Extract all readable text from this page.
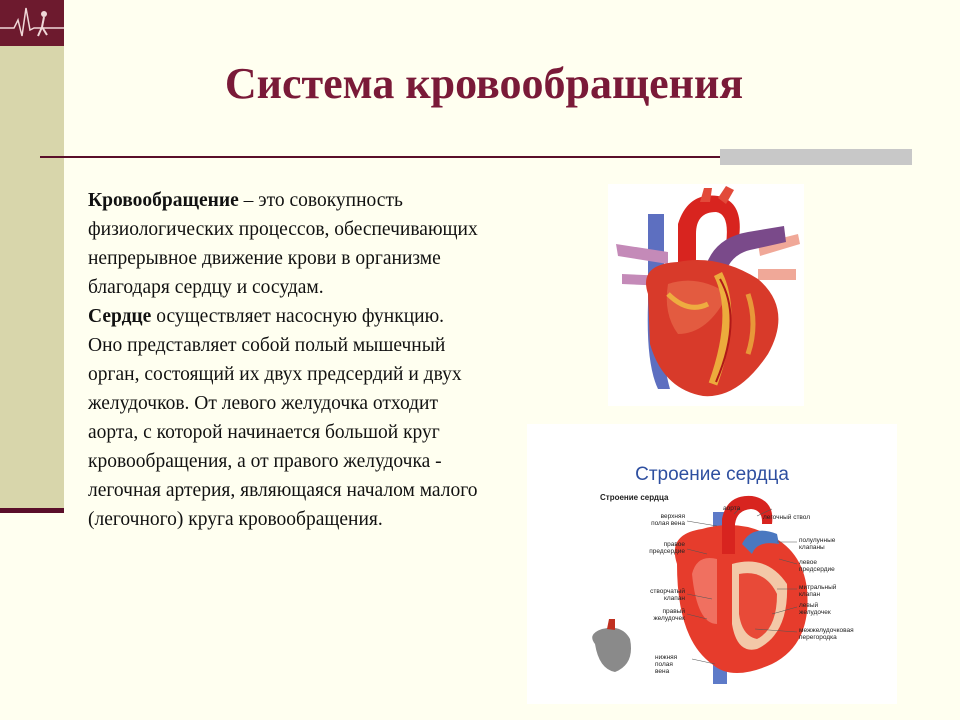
Система кровообращения

Кровообращение – это совокупность физиологических процессов, обеспечивающих непрерывное движение крови в организме благодаря сердцу и сосудам.

Сердце осуществляет насосную функцию. Оно представляет собой полый мышечный орган, состоящий их двух предсердий и двух желудочков. От левого желудочка отходит аорта, с которой начинается большой круг кровообращения, а от правого желудочка - легочная артерия, являющаяся началом малого (легочного) круга кровообращения.

Строение сердца
Строение сердца
аорта
легочный ствол
верхняя
полая вена
правое
предсердие
полулунные
клапаны
левое
предсердие
створчатый
клапан
митральный
клапан
правый
желудочек
левый
желудочек
межжелудочковая
перегородка
нижняя
полая
вена
